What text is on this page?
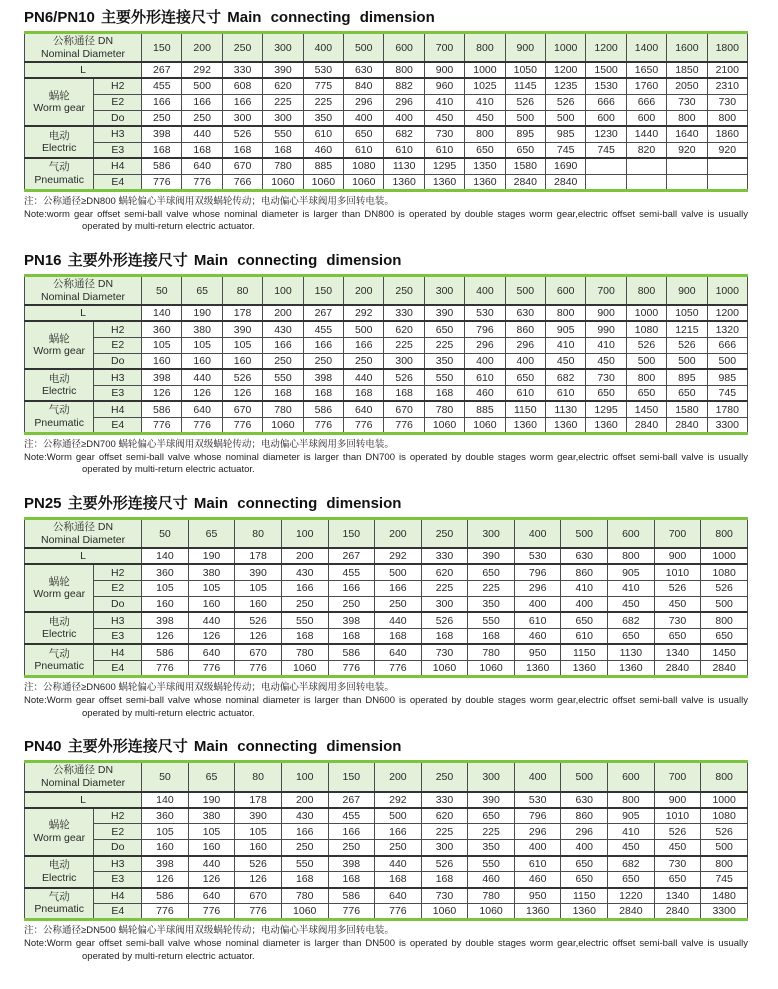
PN6/PN10 主要外形连接尺寸 Main connecting dimension
公称通径 DN
Nominal Diameter		150	200	250	300	400	500	600	700	800	900	1000	1200	1400	1600	1800
L		267	292	330	390	530	630	800	900	1000	1050	1200	1500	1650	1850	2100

蜗轮
Worm gear	H2	455	500	608	620	775	840	882	960	1025	1145	1235	1530	1760	2050	2310
	E2	166	166	166	225	225	296	296	410	410	526	526	666	666	730	730
	Do	250	250	300	300	350	400	400	450	450	500	500	600	600	800	800

电动
Electric	H3	398	440	526	550	610	650	682	730	800	895	985	1230	1440	1640	1860
	E3	168	168	168	168	460	610	610	610	650	650	745	745	820	920	920

气动
Pneumatic	H4	586	640	670	780	885	1080	1130	1295	1350	1580	1690				
	E4	776	776	766	1060	1060	1060	1360	1360	1360	2840	2840				

注：公称通径≥DN800 蜗轮偏心半球阀用双级蜗轮传动；电动偏心半球阀用多回转电装。

Note:worm gear offset semi-ball valve whose nominal diameter is larger than DN800 is operated by double stages worm gear,electric offset semi-ball valve is usually operated by multi-return electric actuator.

PN16 主要外形连接尺寸 Main connecting dimension
公称通径 DN
Nominal Diameter		50	65	80	100	150	200	250	300	400	500	600	700	800	900	1000
L		140	190	178	200	267	292	330	390	530	630	800	900	1000	1050	1200

蜗轮
Worm gear	H2	360	380	390	430	455	500	620	650	796	860	905	990	1080	1215	1320
	E2	105	105	105	166	166	166	225	225	296	296	410	410	526	526	666
	Do	160	160	160	250	250	250	300	350	400	400	450	450	500	500	500

电动
Electric	H3	398	440	526	550	398	440	526	550	610	650	682	730	800	895	985
	E3	126	126	126	168	168	168	168	168	460	610	610	650	650	650	745

气动
Pneumatic	H4	586	640	670	780	586	640	670	780	885	1150	1130	1295	1450	1580	1780
	E4	776	776	776	1060	776	776	776	1060	1060	1360	1360	1360	2840	2840	3300

注：公称通径≥DN700 蜗轮偏心半球阀用双级蜗轮传动；电动偏心半球阀用多回转电装。

Note:Worm gear offset semi-ball valve whose nominal diameter is larger than DN700 is operated by double stages worm gear,electric offset semi-ball valve is usually operated by multi-return electric actuator.

PN25 主要外形连接尺寸 Main connecting dimension
公称通径 DN
Nominal Diameter		50	65	80	100	150	200	250	300	400	500	600	700	800
L		140	190	178	200	267	292	330	390	530	630	800	900	1000

蜗轮
Worm gear	H2	360	380	390	430	455	500	620	650	796	860	905	1010	1080
	E2	105	105	105	166	166	166	225	225	296	410	410	526	526
	Do	160	160	160	250	250	250	300	350	400	400	450	450	500

电动
Electric	H3	398	440	526	550	398	440	526	550	610	650	682	730	800
	E3	126	126	126	168	168	168	168	168	460	610	650	650	650

气动
Pneumatic	H4	586	640	670	780	586	640	730	780	950	1150	1130	1340	1450
	E4	776	776	776	1060	776	776	1060	1060	1360	1360	1360	2840	2840

注：公称通径≥DN600 蜗轮偏心半球阀用双级蜗轮传动；电动偏心半球阀用多回转电装。

Note:Worm gear offset semi-ball valve whose nominal diameter is larger than DN600 is operated by double stages worm gear,electric offset semi-ball valve is usually operated by multi-return electric actuator.

PN40 主要外形连接尺寸 Main connecting dimension
公称通径 DN
Nominal Diameter		50	65	80	100	150	200	250	300	400	500	600	700	800
L		140	190	178	200	267	292	330	390	530	630	800	900	1000

蜗轮
Worm gear	H2	360	380	390	430	455	500	620	650	796	860	905	1010	1080
	E2	105	105	105	166	166	166	225	225	296	296	410	526	526
	Do	160	160	160	250	250	250	300	350	400	400	450	450	500

电动
Electric	H3	398	440	526	550	398	440	526	550	610	650	682	730	800
	E3	126	126	126	168	168	168	168	460	460	650	650	650	745

气动
Pneumatic	H4	586	640	670	780	586	640	730	780	950	1150	1220	1340	1480
	E4	776	776	776	1060	776	776	1060	1060	1360	1360	2840	2840	3300

注：公称通径≥DN500 蜗轮偏心半球阀用双级蜗轮传动；电动偏心半球阀用多回转电装。

Note:Worm gear offset semi-ball valve whose nominal diameter is larger than DN500 is operated by double stages worm gear,electric offset semi-ball valve is usually operated by multi-return electric actuator.
